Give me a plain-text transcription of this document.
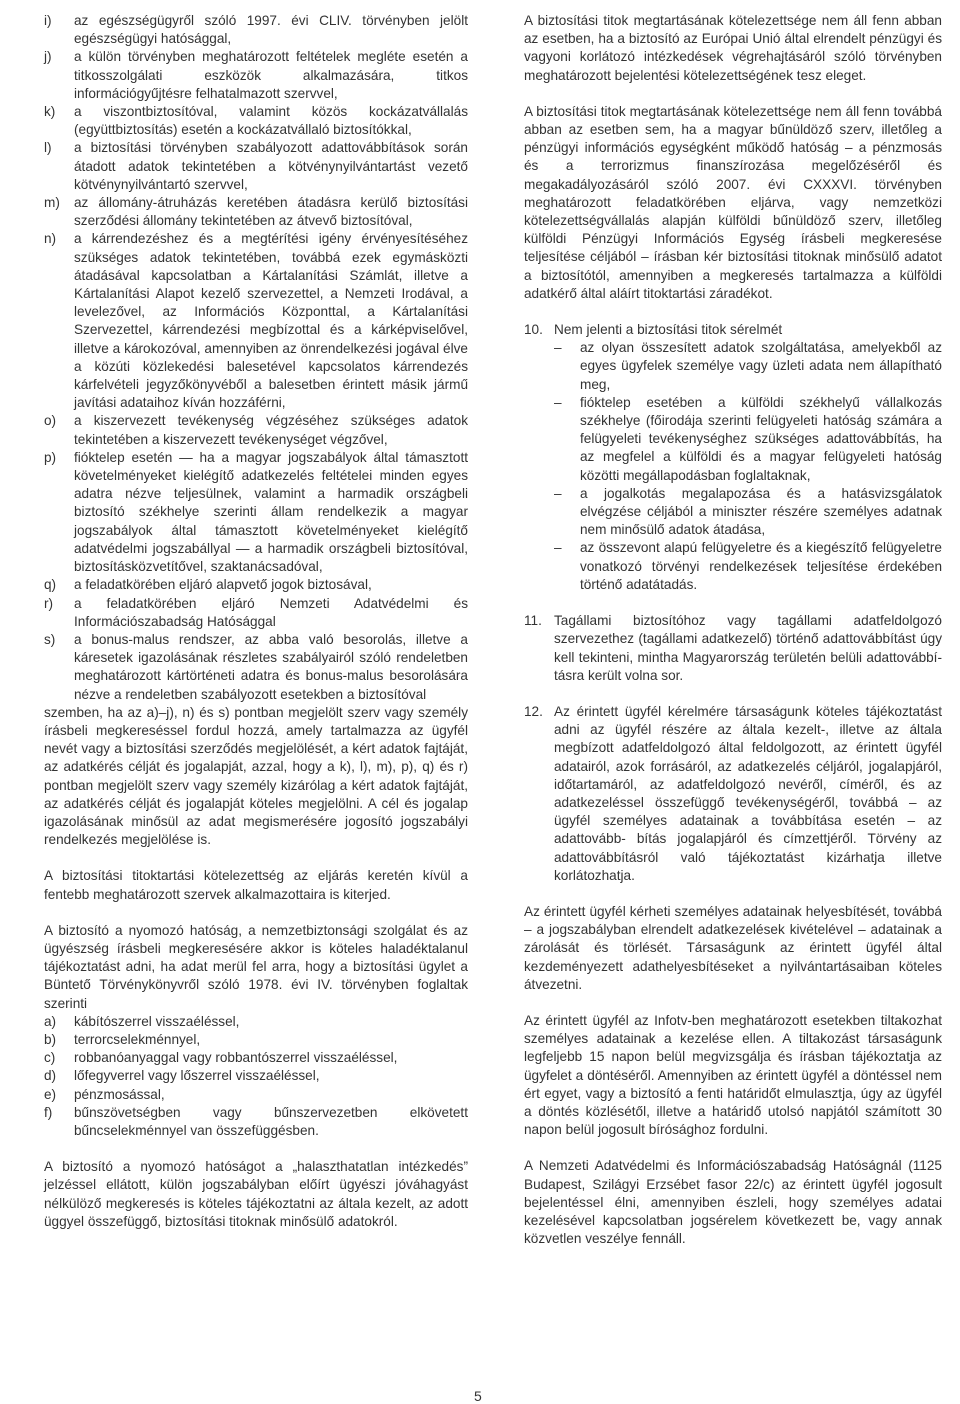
i)	az egészségügyről szóló 1997. évi CLIV. törvényben jelölt egészségügyi hatósággal,
j)	a külön törvényben meghatározott feltételek megléte esetén a titkosszolgálati eszközök alkalmazására, titkos információgyűjtésre felhatalmazott szervvel,
k)	a viszontbiztosítóval, valamint közös kockázatvállalás (együttbiztosítás) esetén a kockázatvállaló biztosítókkal,
l)	a biztosítási törvényben szabályozott adattovábbítások során átadott adatok tekintetében a kötvénynyilvántartást vezető kötvénynyilvántartó szervvel,
m)	az állomány-átruházás keretében átadásra kerülő biztosítási szerződési állomány tekintetében az átvevő biztosítóval,
n)	a kárrendezéshez és a megtérítési igény érvényesítéséhez szükséges adatok tekintetében, továbbá ezek egymásközti átadásával kapcsolatban a Kártalanítási Számlát, illetve a Kártalanítási Alapot kezelő szervezettel, a Nemzeti Irodával, a levelezővel, az Információs Központtal, a Kártalanítási Szervezettel, kárrendezési megbízottal és a kárképviselővel, illetve a károkozóval, amennyiben az önrendelkezési jogával élve a közúti közlekedési balesetével kapcsolatos kárrendezés kárfelvételi jegyzőkönyvéből a balesetben érintett másik jármű javítási adataihoz kíván hozzáférni,
o)	a kiszervezett tevékenység végzéséhez szükséges adatok tekintetében a kiszervezett tevékenységet végzővel,
p)	fióktelep esetén — ha a magyar jogszabályok által támasztott követelményeket kielégítő adatkezelés feltételei minden egyes adatra nézve teljesülnek, valamint a harmadik országbeli biztosító székhelye szerinti állam rendelkezik a magyar jogszabályok által támasztott követelményeket kielégítő adatvédelmi jogszabállyal — a harmadik országbeli biztosítóval, biztosításközvetítővel, szaktanácsadóval,
q)	a feladatkörében eljáró alapvető jogok biztosával,
r)	a feladatkörében eljáró Nemzeti Adatvédelmi és Információszabadság Hatósággal
s)	a bonus-malus rendszer, az abba való besorolás, illetve a káresetek igazolásának részletes szabályairól szóló rendeletben meghatározott kártörténeti adatra és bonus-malus besorolására nézve a rendeletben szabályozott esetekben a biztosítóval

szemben, ha az a)–j), n) és s) pontban megjelölt szerv vagy személy írásbeli megkereséssel fordul hozzá, amely tartalmazza az ügyfél nevét vagy a biztosítási szerződés megjelölését, a kért adatok fajtáját, az adatkérés célját és jogalapját, azzal, hogy a k), l), m), p), q) és r) pontban megjelölt szerv vagy személy kizárólag a kért adatok fajtáját, az adatkérés célját és jogalapját köteles megjelölni. A cél és jogalap igazolásának minősül az adat megismerésére jogosító jogszabályi rendelkezés megjelölése is.

A biztosítási titoktartási kötelezettség az eljárás keretén kívül a fentebb meghatározott szervek alkalmazottaira is kiterjed.

A biztosító a nyomozó hatóság, a nemzetbiztonsági szolgálat és az ügyészség írásbeli megkeresésére akkor is köteles haladéktalanul tájékoztatást adni, ha adat merül fel arra, hogy a biztosítási ügylet a Büntető Törvénykönyvről szóló 1978. évi IV. törvényben foglaltak szerinti

a)	kábítószerrel visszaéléssel,
b)	terrorcselekménnyel,
c)	robbanóanyaggal vagy robbantószerrel visszaéléssel,
d)	lőfegyverrel vagy lőszerrel visszaéléssel,
e)	pénzmosással,
f)	bűnszövetségben vagy bűnszervezetben elkövetett bűncselekménnyel van összefüggésben.

A biztosító a nyomozó hatóságot a „halaszthatatlan intézkedés” jelzéssel ellátott, külön jogszabályban előírt ügyészi jóváhagyást nélkülöző megkeresés is köteles tájékoztatni az általa kezelt, az adott üggyel összefüggő, biztosítási titoknak minősülő adatokról.

A biztosítási titok megtartásának kötelezettsége nem áll fenn abban az esetben, ha a biztosító az Európai Unió által elrendelt pénzügyi és vagyoni korlátozó intézkedések végrehajtásáról szóló törvényben meghatározott bejelentési kötelezettségének tesz eleget.

A biztosítási titok megtartásának kötelezettsége nem áll fenn továbbá abban az esetben sem, ha a magyar bűnüldöző szerv, illetőleg a pénzügyi információs egységként működő hatóság – a pénzmosás és a terrorizmus finanszírozása megelőzéséről és megakadályozásáról szóló 2007. évi CXXXVI. törvényben meghatározott feladatkörében eljárva, vagy nemzetközi kötelezettségvállalás alapján külföldi bűnüldöző szerv, illetőleg külföldi Pénzügyi Információs Egység írásbeli megkeresése teljesítése céljából – írásban kér biztosítási titoknak minősülő adatot a biztosítótól, amennyiben a megkeresés tartalmazza a külföldi adatkérő által aláírt titoktartási záradékot.

10. Nem jelenti a biztosítási titok sérelmét

–	az olyan összesített adatok szolgáltatása, amelyekből az egyes ügyfelek személye vagy üzleti adata nem állapítható meg,
–	fióktelep esetében a külföldi székhelyű vállalkozás székhelye (főirodája szerinti felügyeleti hatóság számára a felügyeleti tevékenységhez szükséges adattovábbítás, ha az megfelel a külföldi és a magyar felügyeleti hatóság közötti megállapodásban foglaltaknak,
–	a jogalkotás megalapozása és a hatásvizsgálatok elvégzése céljából a miniszter részére személyes adatnak nem minősülő adatok átadása,
–	az összevont alapú felügyeletre és a kiegészítő felügyeletre vonatkozó törvényi rendelkezések teljesítése érdekében történő adatátadás.
11. Tagállami biztosítóhoz vagy tagállami adatfeldolgozó szervezethez (tagállami adatkezelő) történő adattovábbítást úgy kell tekinteni, mintha Magyarország területén belüli adattovábbí-tásra került volna sor.

12. Az érintett ügyfél kérelmére társaságunk köteles tájékoztatást adni az ügyfél részére az általa kezelt-, illetve az általa megbízott adatfeldolgozó által feldolgozott, az érintett ügyfél adatairól, azok forrásáról, az adatkezelés céljáról, jogalapjáról, időtartamáról, az adatfeldolgozó nevéről, címéről, és az adatkezeléssel összefüggő tevékenységéről, továbbá – az ügyfél személyes adatainak a továbbítása esetén – az adattovább- bítás jogalapjáról és címzettjéről. Törvény az adattovábbításról való tájékoztatást kizárhatja illetve korlátozhatja.

Az érintett ügyfél kérheti személyes adatainak helyesbítését, továbbá – a jogszabályban elrendelt adatkezelések kivételével – adatainak a zárolását és törlését. Társaságunk az érintett ügyfél által kezdeményezett adathelyesbítéseket a nyilvántartásaiban köteles átvezetni.

Az érintett ügyfél az Infotv-ben meghatározott esetekben tiltakozhat személyes adatainak a kezelése ellen. A tiltakozást társaságunk legfeljebb 15 napon belül megvizsgálja és írásban tájékoztatja az ügyfelet a döntéséről. Amennyiben az érintett ügyfél a döntéssel nem ért egyet, vagy a biztosító a fenti határidőt elmulasztja, úgy az ügyfél a döntés közlésétől, illetve a határidő utolsó napjától számított 30 napon belül jogosult bírósághoz fordulni.

A Nemzeti Adatvédelmi és Információszabadság Hatóságnál (1125 Budapest, Szilágyi Erzsébet fasor 22/c) az érintett ügyfél jogosult bejelentéssel élni, amennyiben észleli, hogy személyes adatai kezelésével kapcsolatban jogsérelem következett be, vagy annak közvetlen veszélye fennáll.

5
